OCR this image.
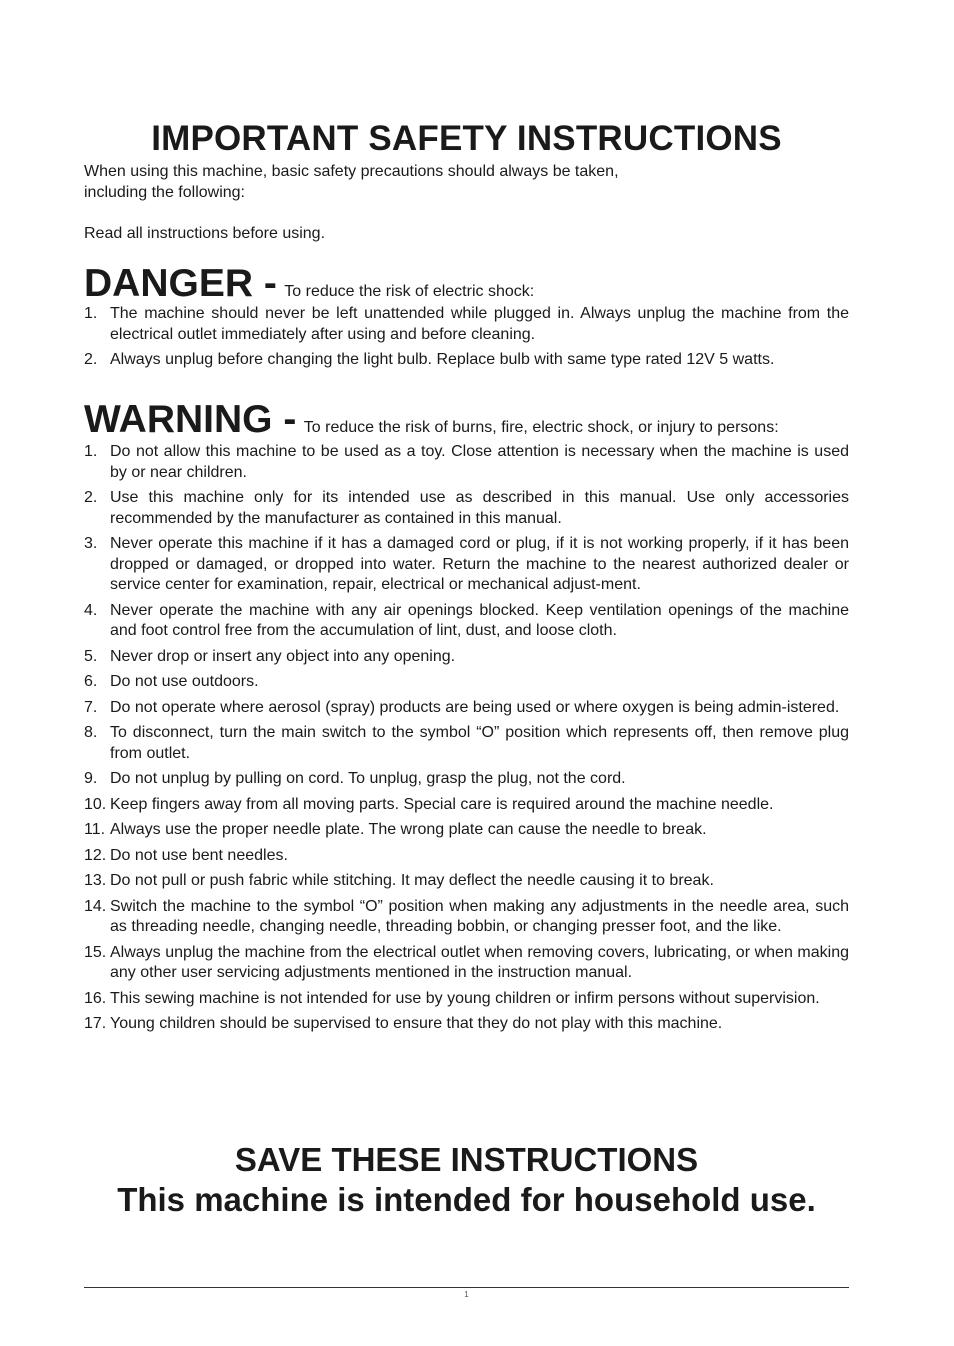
IMPORTANT SAFETY INSTRUCTIONS

When using this machine, basic safety precautions should always be taken,

including the following:

Read all instructions before using.

DANGER - To reduce the risk of electric shock:
1. The machine should never be left unattended while plugged in. Always unplug the machine from the electrical outlet immediately after using and before cleaning.
2. Always unplug before changing the light bulb. Replace bulb with same type rated 12V 5 watts.
WARNING - To reduce the risk of burns, fire, electric shock, or injury to persons:
1. Do not allow this machine to be used as a toy. Close attention is necessary when the machine is used by or near children.
2. Use this machine only for its intended use as described in this manual. Use only accessories recommended by the manufacturer as contained in this manual.
3. Never operate this machine if it has a damaged cord or plug, if it is not working properly, if it has been dropped or damaged, or dropped into water. Return the machine to the nearest authorized dealer or service center for examination, repair, electrical or mechanical adjust-ment.
4. Never operate the machine with any air openings blocked. Keep ventilation openings of the machine and foot control free from the accumulation of lint, dust, and loose cloth.
5. Never drop or insert any object into any opening.
6. Do not use outdoors.
7. Do not operate where aerosol (spray) products are being used or where oxygen is being admin-istered.
8. To disconnect, turn the main switch to the symbol “O” position which represents off, then remove plug from outlet.
9. Do not unplug by pulling on cord. To unplug, grasp the plug, not the cord.
10. Keep fingers away from all moving parts. Special care is required around the machine needle.
11. Always use the proper needle plate. The wrong plate can cause the needle to break.
12. Do not use bent needles.
13. Do not pull or push fabric while stitching. It may deflect the needle causing it to break.
14. Switch the machine to the symbol “O” position when making any adjustments in the needle area, such as threading needle, changing needle, threading bobbin, or changing presser foot, and the like.
15. Always unplug the machine from the electrical outlet when removing covers, lubricating, or when making any other user servicing adjustments mentioned in the instruction manual.
16. This sewing machine is not intended for use by young children or infirm persons without supervision.
17. Young children should be supervised to ensure that they do not play with this machine.
SAVE THESE INSTRUCTIONS
This machine is intended for household use.
1
